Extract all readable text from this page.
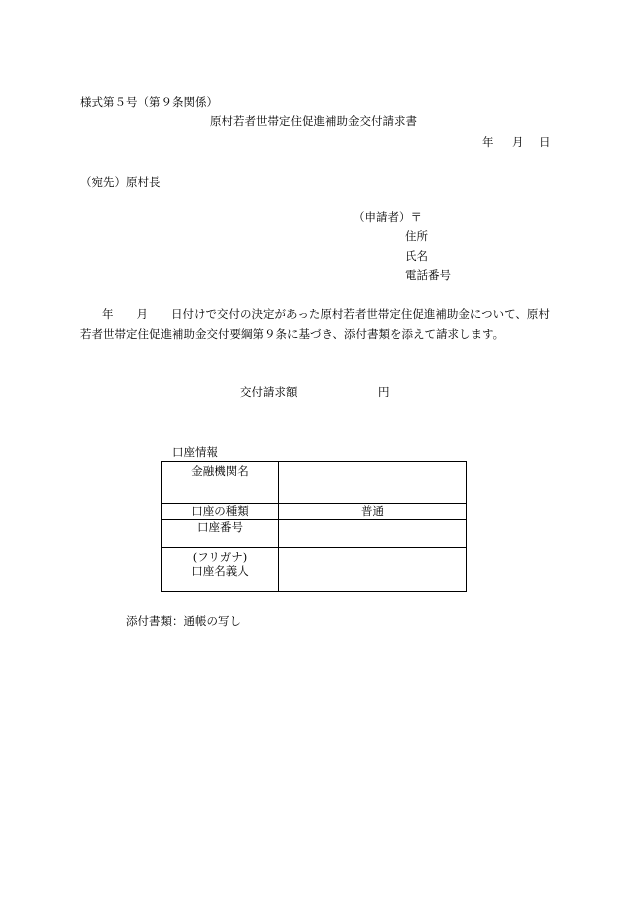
様式第５号（第９条関係）
原村若者世帯定住促進補助金交付請求書
年 月 日
（宛先）原村長
（申請者）〒
住所
氏名
電話番号
年　　月　　日付けで交付の決定があった原村若者世帯定住促進補助金について、原村
若者世帯定住促進補助金交付要綱第９条に基づき、添付書類を添えて請求します。
交付請求額	円
口座情報
金融機関名	

口座の種類	普通

口座番号	

(フリガナ)
口座名義人	

添付書類：通帳の写し
